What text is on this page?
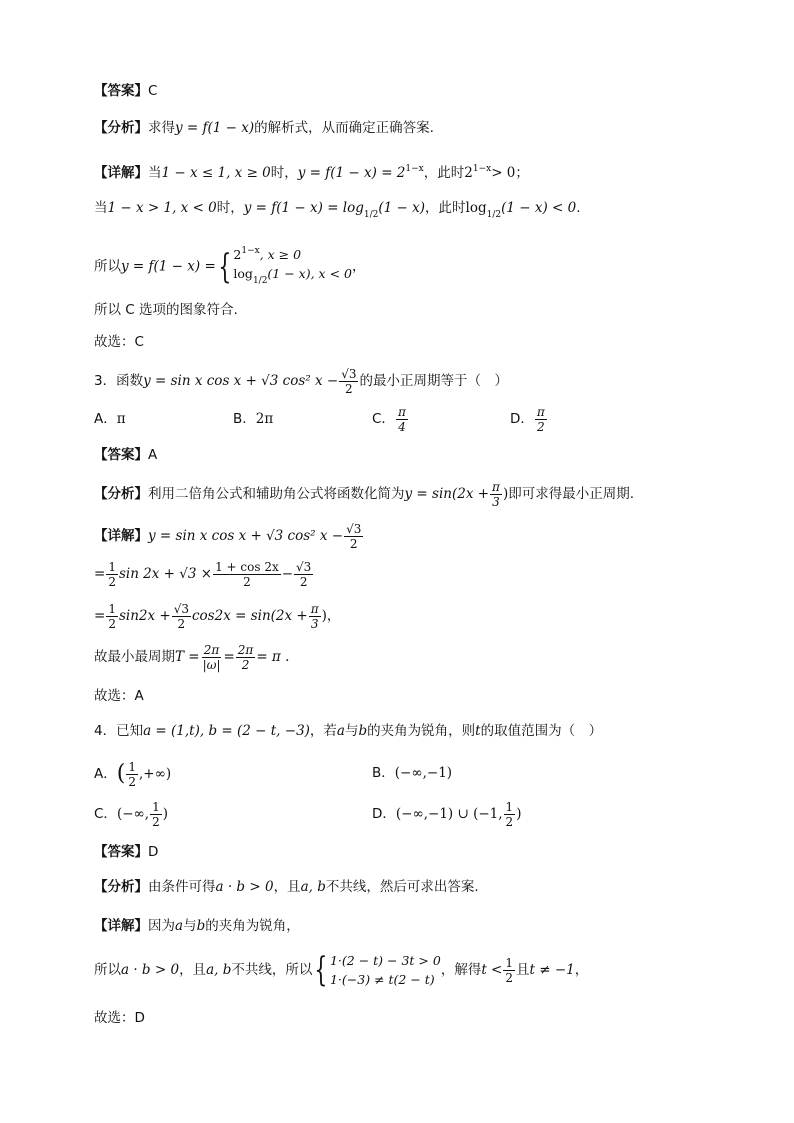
【答案】C
【分析】求得y = f(1 − x)的解析式，从而确定正确答案.
【详解】当1 − x ≤ 1, x ≥ 0时，$y = f(1 - x) = 2^{1-x}$，此时$2^{1-x}> 0$；
当1 − x > 1, x < 0时，$y = f(1 - x) = \log_{1/2}(1 - x)$，此时$\log_{1/2}(1 - x) < 0$.
所以y = f(1 − x) ={ $2^{1-x}$, x ≥ 0
$\log_{1/2}(1 - x)$, x < 0 ，
所以 C 选项的图象符合.
故选：C
3．函数y = sin x cos x + √3 cos² $x - \frac{√3}{2}$ 的最小正周期等于（　）
A．π	B．2π	C． $\frac{\pi}{4}$	D． $\frac{\pi}{2}$
【答案】A
【分析】利用二倍角公式和辅助角公式将函数化简为$y = \sin(2x + \frac{\pi}{3}$ )即可求得最小正周期.
【详解】y = sin x cos x + √3 cos² $x - \frac{√3}{2}$
= $\frac{1}{2}$ $\sin 2x + √3 \times \frac{1 + \cos 2x}{2} - \frac{√3}{2}$
= $\frac{1}{2} \sin 2x + \frac{√3}{2} \cos 2x = \sin(2x + \frac{\pi}{3}$ )，
故最小最周期$T = \frac{2\pi}{|\omega|} = \frac{2\pi}{2} = \pi$ .
故选：A
4．已知a = (1,t), b = (2 − t, −3)，若a与b的夹角为锐角，则t的取值范围为（　）
A．( $\frac{1}{2}$ ,+∞)	B．(−∞,−1)
C．(−∞, $\frac{1}{2}$ )	D．(−∞,−1) ∪ (−1, $\frac{1}{2}$ )
【答案】D
【分析】由条件可得a · b > 0，且a, b不共线，然后可求出答案.
【详解】因为a与b的夹角为锐角，
所以a · b > 0，且a, b不共线，所以{ 1·(2 − t) − 3t > 0
1·(−3) ≠ t(2 − t)
，解得$t < \frac{1}{2}$ 且t ≠ −1，
故选：D
